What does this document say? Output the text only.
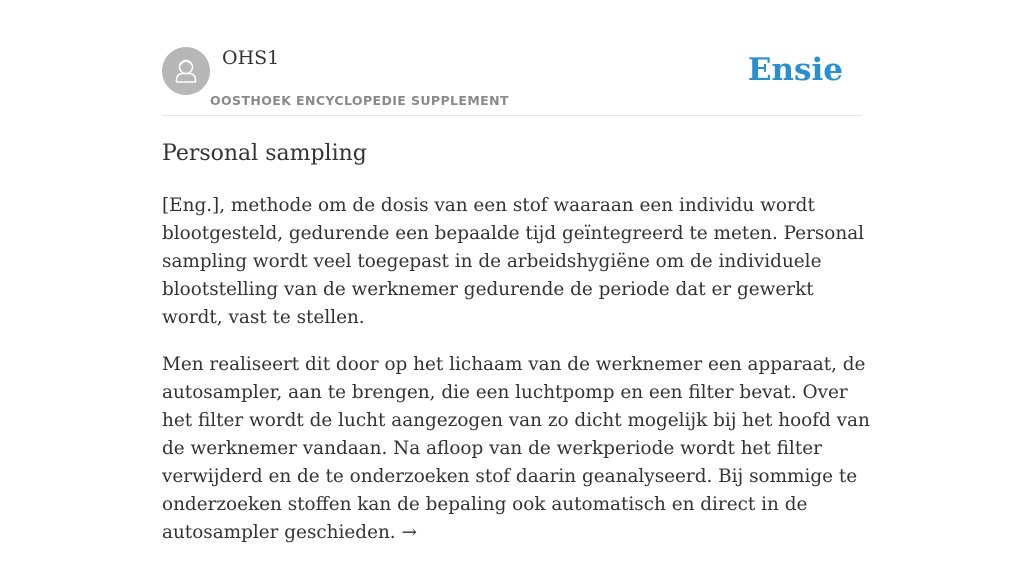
OHS1
OOSTHOEK ENCYCLOPEDIE SUPPLEMENT
Ensie
Personal sampling

[Eng.], methode om de dosis van een stof waaraan een individu wordt blootgesteld, gedurende een bepaalde tijd geïntegreerd te meten. Personal sampling wordt veel toegepast in de arbeidshygiëne om de individuele blootstelling van de werknemer gedurende de periode dat er gewerkt wordt, vast te stellen.

Men realiseert dit door op het lichaam van de werknemer een apparaat, de autosampler, aan te brengen, die een luchtpomp en een filter bevat. Over het filter wordt de lucht aangezogen van zo dicht mogelijk bij het hoofd van de werknemer vandaan. Na afloop van de werkperiode wordt het filter verwijderd en de te onderzoeken stof daarin geanalyseerd. Bij sommige te onderzoeken stoffen kan de bepaling ook automatisch en direct in de autosampler geschieden. →
